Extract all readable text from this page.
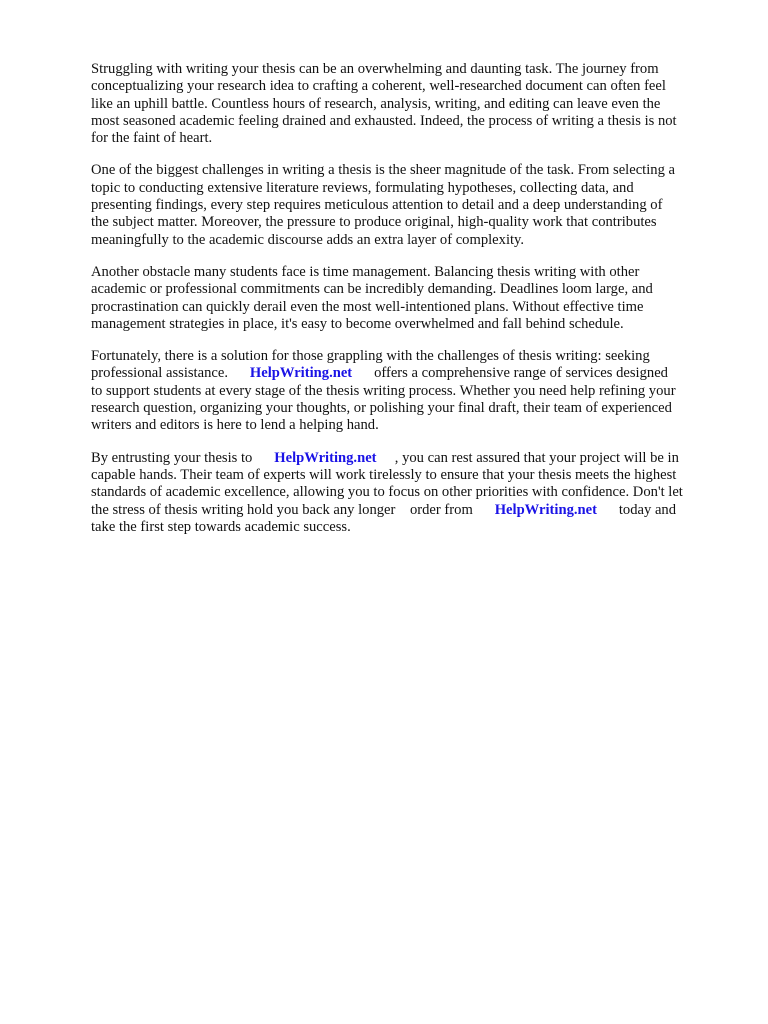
Struggling with writing your thesis can be an overwhelming and daunting task. The journey from
conceptualizing your research idea to crafting a coherent, well-researched document can often feel
like an uphill battle. Countless hours of research, analysis, writing, and editing can leave even the
most seasoned academic feeling drained and exhausted. Indeed, the process of writing a thesis is not
for the faint of heart.
One of the biggest challenges in writing a thesis is the sheer magnitude of the task. From selecting a
topic to conducting extensive literature reviews, formulating hypotheses, collecting data, and
presenting findings, every step requires meticulous attention to detail and a deep understanding of
the subject matter. Moreover, the pressure to produce original, high-quality work that contributes
meaningfully to the academic discourse adds an extra layer of complexity.
Another obstacle many students face is time management. Balancing thesis writing with other
academic or professional commitments can be incredibly demanding. Deadlines loom large, and
procrastination can quickly derail even the most well-intentioned plans. Without effective time
management strategies in place, it's easy to become overwhelmed and fall behind schedule.
Fortunately, there is a solution for those grappling with the challenges of thesis writing: seeking
professional assistance.      HelpWriting.net      offers a comprehensive range of services designed
to support students at every stage of the thesis writing process. Whether you need help refining your
research question, organizing your thoughts, or polishing your final draft, their team of experienced
writers and editors is here to lend a helping hand.
By entrusting your thesis to      HelpWriting.net     , you can rest assured that your project will be in
capable hands. Their team of experts will work tirelessly to ensure that your thesis meets the highest
standards of academic excellence, allowing you to focus on other priorities with confidence. Don't let
the stress of thesis writing hold you back any longer    order from      HelpWriting.net      today and
take the first step towards academic success.
